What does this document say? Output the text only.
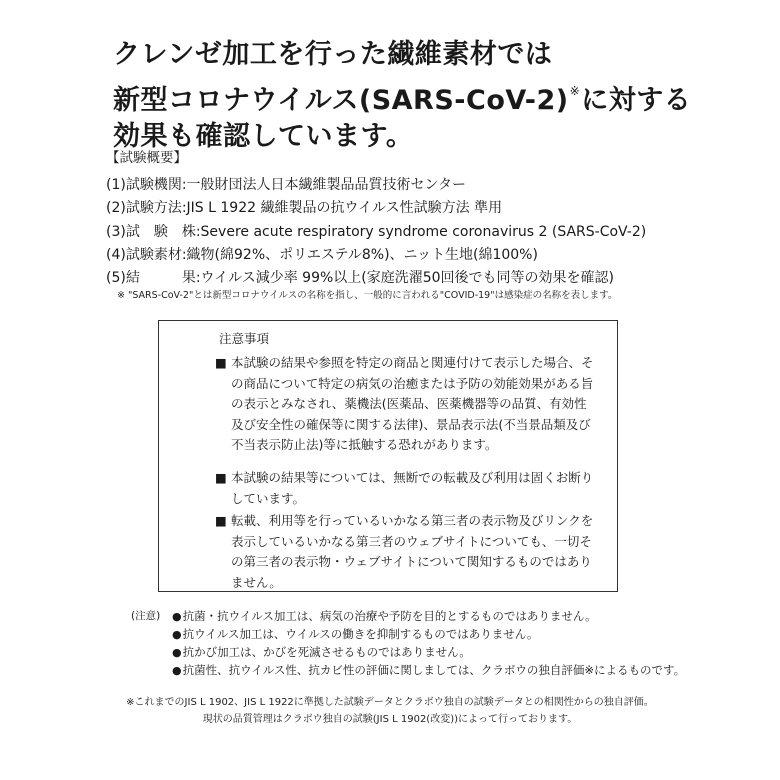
クレンゼ加工を行った繊維素材では
新型コロナウイルス(SARS-CoV-2)※に対する
効果も確認しています。
【試験概要】
(1)試験機関:一般財団法人日本繊維製品品質技術センター
(2)試験方法:JIS L 1922 繊維製品の抗ウイルス性試験方法 準用
(3)試　験　株:Severe acute respiratory syndrome coronavirus 2 (SARS-CoV-2)
(4)試験素材:織物(綿92%、ポリエステル8%)、ニット生地(綿100%)
(5)結　　　果:ウイルス減少率 99%以上(家庭洗濯50回後でも同等の効果を確認)
※ "SARS-CoV-2"とは新型コロナウイルスの名称を指し、一般的に言われる"COVID-19"は感染症の名称を表します。
注意事項
■ 本試験の結果や参照を特定の商品と関連付けて表示した場合、その商品について特定の病気の治癒または予防の効能効果がある旨の表示とみなされ、薬機法(医薬品、医薬機器等の品質、有効性及び安全性の確保等に関する法律)、景品表示法(不当景品類及び不当表示防止法)等に抵触する恐れがあります。
■ 本試験の結果等については、無断での転載及び利用は固くお断りしています。
■ 転載、利用等を行っているいかなる第三者の表示物及びリンクを表示しているいかなる第三者のウェブサイトについても、一切その第三者の表示物・ウェブサイトについて関知するものではありません。
(注意) ●抗菌・抗ウイルス加工は、病気の治療や予防を目的とするものではありません。
●抗ウイルス加工は、ウイルスの働きを抑制するものではありません。
●抗かび加工は、かびを死滅させるものではありません。
●抗菌性、抗ウイルス性、抗カビ性の評価に関しましては、クラボウの独自評価※によるものです。
※これまでのJIS L 1902、JIS L 1922に準拠した試験データとクラボウ独自の試験データとの相関性からの独自評価。
現状の品質管理はクラボウ独自の試験(JIS L 1902(改変))によって行っております。
